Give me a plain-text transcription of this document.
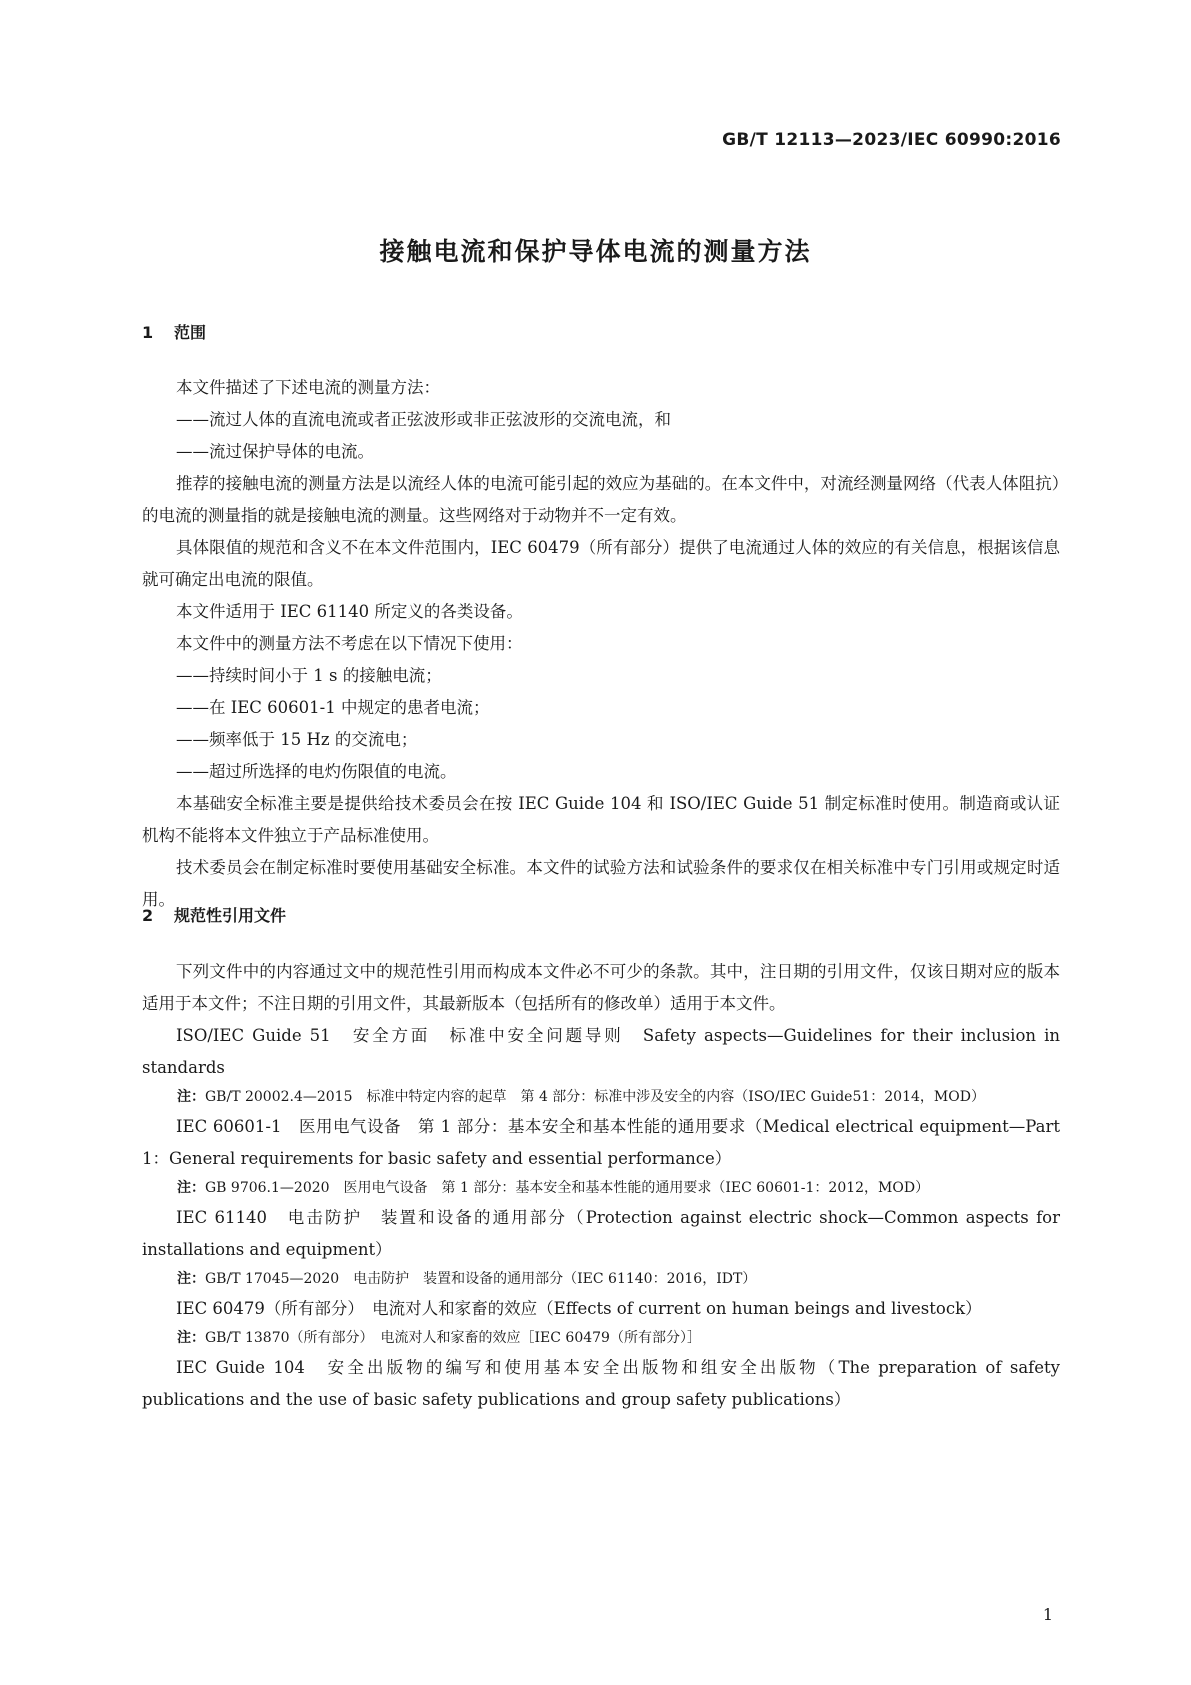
GB/T 12113—2023/IEC 60990:2016
接触电流和保护导体电流的测量方法
1 范围

本文件描述了下述电流的测量方法：

——流过人体的直流电流或者正弦波形或非正弦波形的交流电流，和

——流过保护导体的电流。

推荐的接触电流的测量方法是以流经人体的电流可能引起的效应为基础的。在本文件中，对流经测量网络（代表人体阻抗）的电流的测量指的就是接触电流的测量。这些网络对于动物并不一定有效。

具体限值的规范和含义不在本文件范围内，IEC 60479（所有部分）提供了电流通过人体的效应的有关信息，根据该信息就可确定出电流的限值。

本文件适用于 IEC 61140 所定义的各类设备。

本文件中的测量方法不考虑在以下情况下使用：

——持续时间小于 1 s 的接触电流；

——在 IEC 60601-1 中规定的患者电流；

——频率低于 15 Hz 的交流电；

——超过所选择的电灼伤限值的电流。

本基础安全标准主要是提供给技术委员会在按 IEC Guide 104 和 ISO/IEC Guide 51 制定标准时使用。制造商或认证机构不能将本文件独立于产品标准使用。

技术委员会在制定标准时要使用基础安全标准。本文件的试验方法和试验条件的要求仅在相关标准中专门引用或规定时适用。

2 规范性引用文件

下列文件中的内容通过文中的规范性引用而构成本文件必不可少的条款。其中，注日期的引用文件，仅该日期对应的版本适用于本文件；不注日期的引用文件，其最新版本（包括所有的修改单）适用于本文件。

ISO/IEC Guide 51　安全方面　标准中安全问题导则　Safety aspects—Guidelines for their inclusion in standards

注：GB/T 20002.4—2015　标准中特定内容的起草　第 4 部分：标准中涉及安全的内容（ISO/IEC Guide51：2014，MOD）

IEC 60601-1　医用电气设备　第 1 部分：基本安全和基本性能的通用要求（Medical electrical equipment—Part 1：General requirements for basic safety and essential performance）

注：GB 9706.1—2020　医用电气设备　第 1 部分：基本安全和基本性能的通用要求（IEC 60601-1：2012，MOD）

IEC 61140　电击防护　装置和设备的通用部分（Protection against electric shock—Common aspects for installations and equipment）

注：GB/T 17045—2020　电击防护　装置和设备的通用部分（IEC 61140：2016，IDT）

IEC 60479（所有部分）　电流对人和家畜的效应（Effects of current on human beings and livestock）

注：GB/T 13870（所有部分）　电流对人和家畜的效应［IEC 60479（所有部分）］

IEC Guide 104　安全出版物的编写和使用基本安全出版物和组安全出版物（The preparation of safety publications and the use of basic safety publications and group safety publications）

1
